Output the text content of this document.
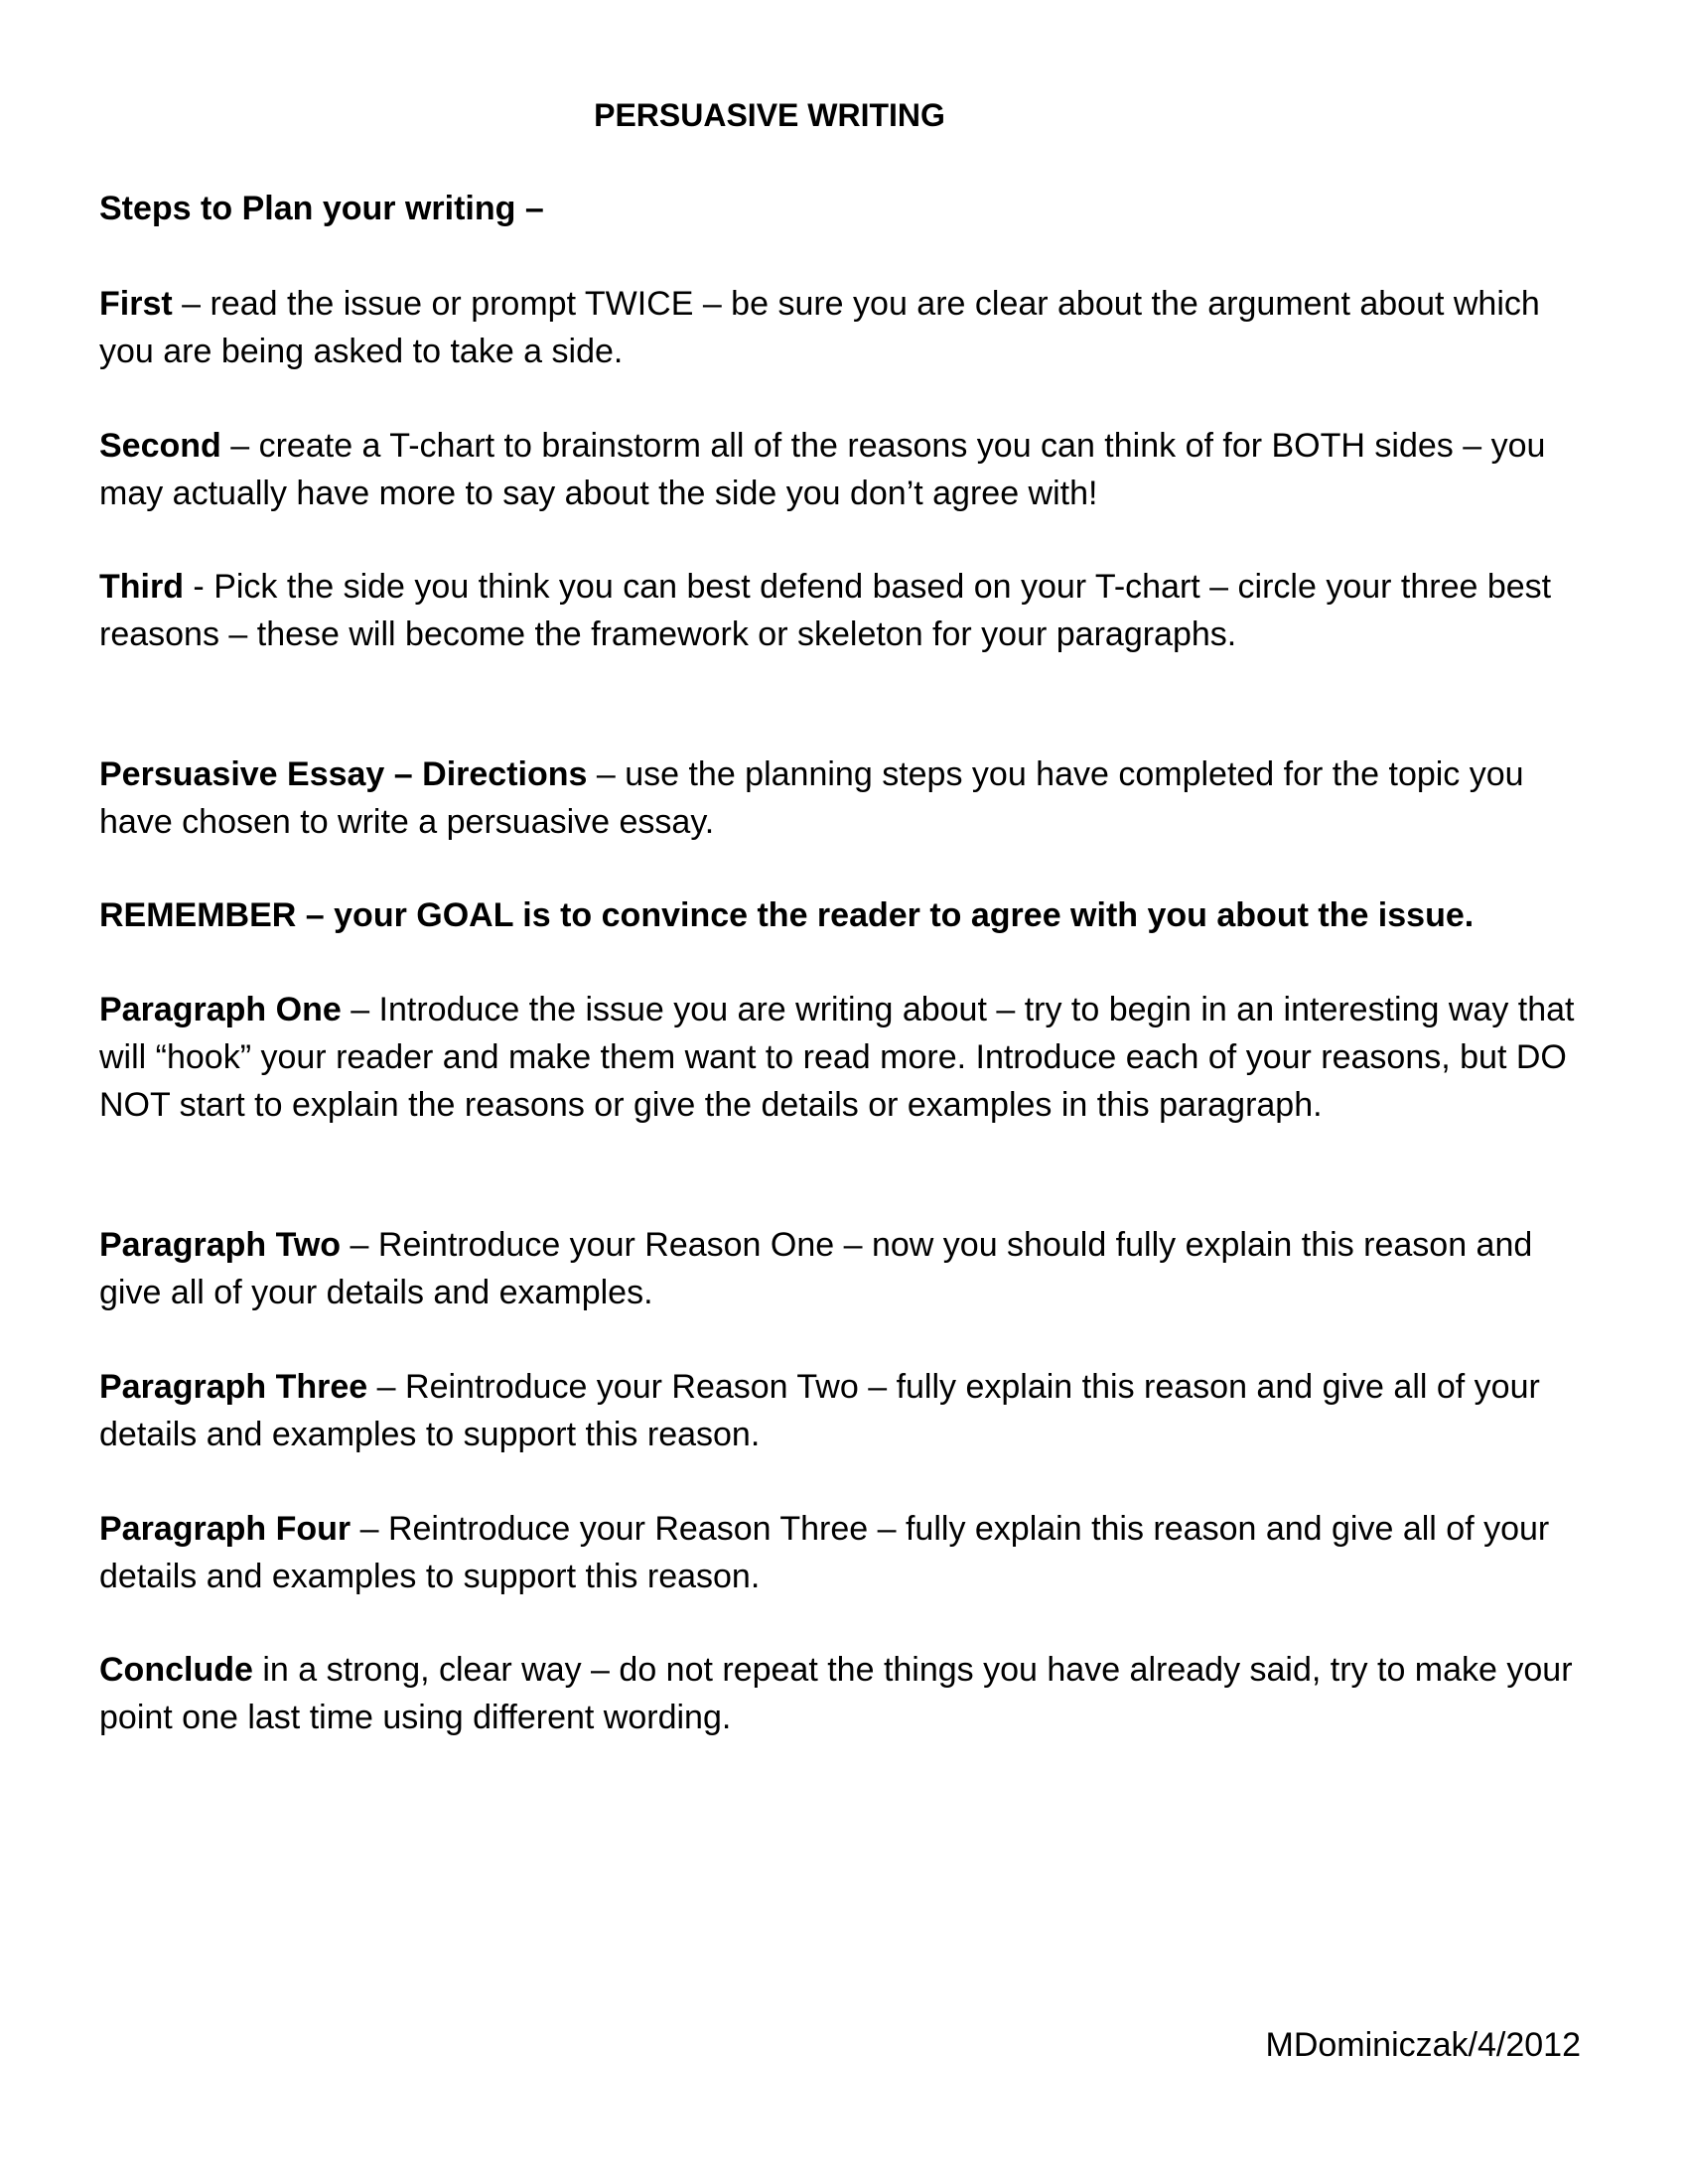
PERSUASIVE WRITING

Steps to Plan your writing –

First – read the issue or prompt TWICE – be sure you are clear about the argument about which you are being asked to take a side.

Second – create a T-chart to brainstorm all of the reasons you can think of for BOTH sides – you may actually have more to say about the side you don’t agree with!

Third - Pick the side you think you can best defend based on your T-chart – circle your three best reasons – these will become the framework or skeleton for your paragraphs.

Persuasive Essay – Directions – use the planning steps you have completed for the topic you have chosen to write a persuasive essay.

REMEMBER – your GOAL is to convince the reader to agree with you about the issue.

Paragraph One – Introduce the issue you are writing about – try to begin in an interesting way that will “hook” your reader and make them want to read more. Introduce each of your reasons, but DO NOT start to explain the reasons or give the details or examples in this paragraph.

Paragraph Two – Reintroduce your Reason One – now you should fully explain this reason and give all of your details and examples.

Paragraph Three – Reintroduce your Reason Two – fully explain this reason and give all of your details and examples to support this reason.

Paragraph Four – Reintroduce your Reason Three – fully explain this reason and give all of your details and examples to support this reason.

Conclude in a strong, clear way – do not repeat the things you have already said, try to make your point one last time using different wording.

MDominiczak/4/2012
